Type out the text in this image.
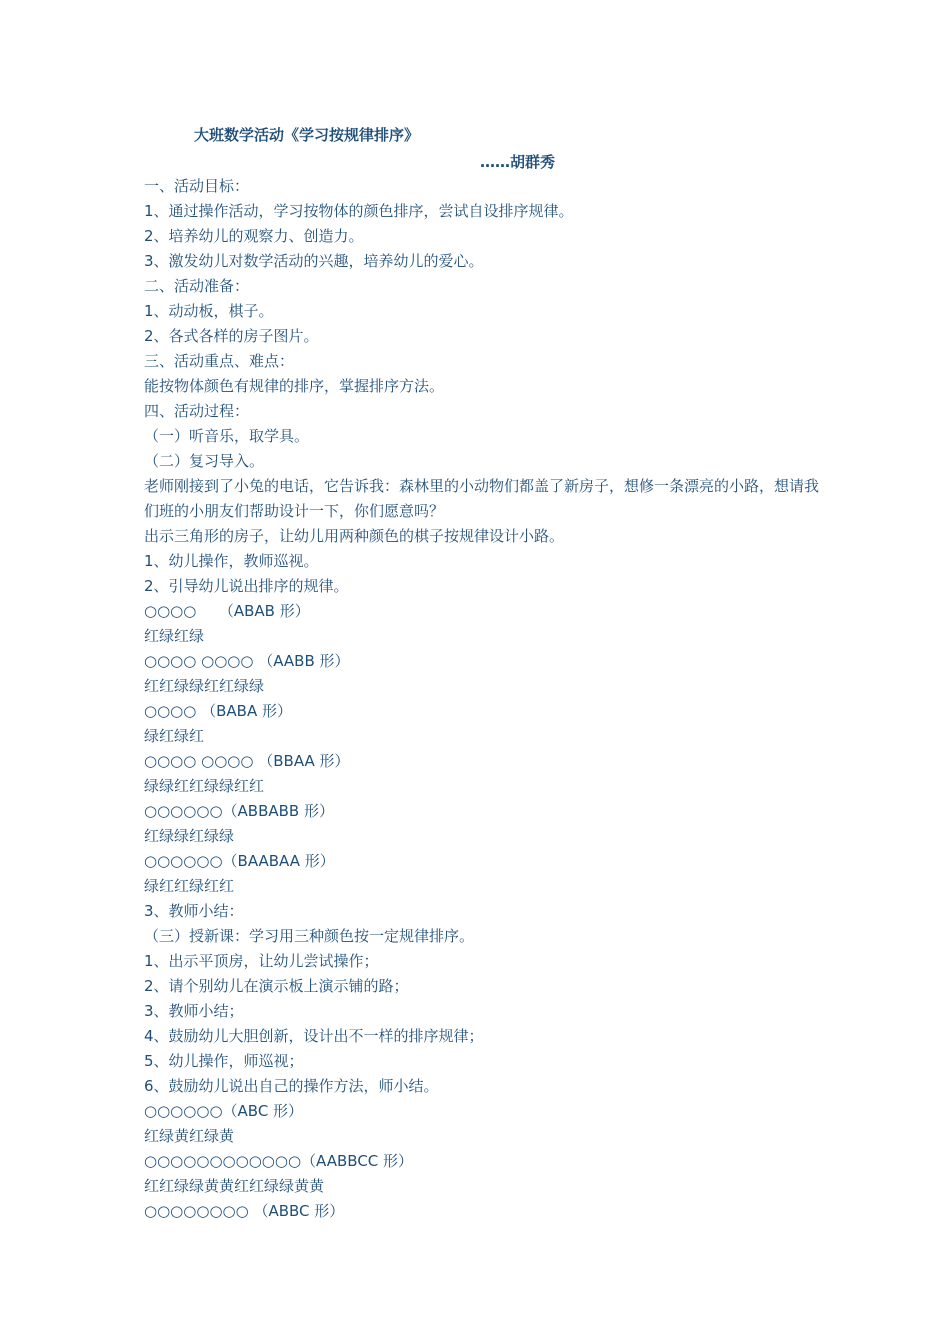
大班数学活动《学习按规律排序》
……胡群秀
一、活动目标：
1、通过操作活动，学习按物体的颜色排序，尝试自设排序规律。
2、培养幼儿的观察力、创造力。
3、激发幼儿对数学活动的兴趣，培养幼儿的爱心。
二、活动准备：
1、动动板，棋子。
2、各式各样的房子图片。
三、活动重点、难点：
能按物体颜色有规律的排序，掌握排序方法。
四、活动过程：
（一）听音乐，取学具。
（二）复习导入。
老师刚接到了小兔的电话，它告诉我：森林里的小动物们都盖了新房子，想修一条漂亮的小路，想请我们班的小朋友们帮助设计一下，你们愿意吗？
出示三角形的房子，让幼儿用两种颜色的棋子按规律设计小路。
1、幼儿操作，教师巡视。
2、引导幼儿说出排序的规律。
○○○○　　（ABAB 形）
红绿红绿
○○○○ ○○○○ （AABB 形）
红红绿绿红红绿绿
○○○○ （BABA 形）
绿红绿红
○○○○ ○○○○ （BBAA 形）
绿绿红红绿绿红红
○○○○○○（ABBABB 形）
红绿绿红绿绿
○○○○○○（BAABAA 形）
绿红红绿红红
3、教师小结：
（三）授新课：学习用三种颜色按一定规律排序。
1、出示平顶房，让幼儿尝试操作；
2、请个别幼儿在演示板上演示铺的路；
3、教师小结；
4、鼓励幼儿大胆创新，设计出不一样的排序规律；
5、幼儿操作，师巡视；
6、鼓励幼儿说出自己的操作方法，师小结。
○○○○○○（ABC 形）
红绿黄红绿黄
○○○○○○○○○○○○（AABBCC 形）
红红绿绿黄黄红红绿绿黄黄
○○○○○○○○ （ABBC 形）
